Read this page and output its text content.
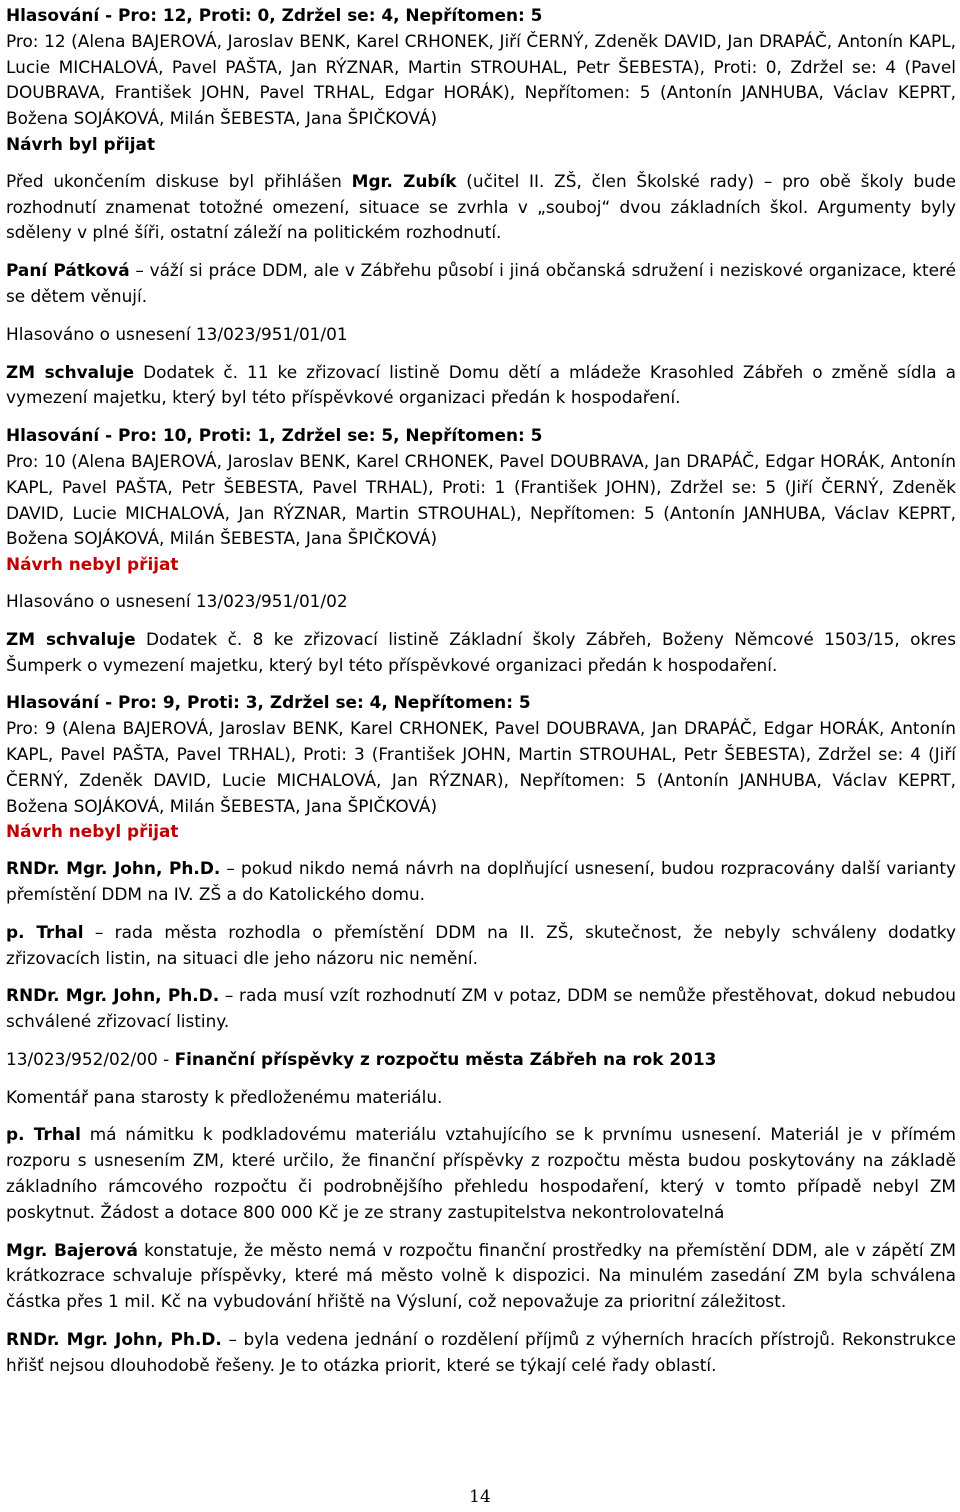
Hlasování - Pro: 12, Proti: 0, Zdržel se: 4, Nepřítomen: 5
Pro: 12 (Alena BAJEROVÁ, Jaroslav BENK, Karel CRHONEK, Jiří ČERNÝ, Zdeněk DAVID, Jan DRAPÁČ, Antonín KAPL, Lucie MICHALOVÁ, Pavel PAŠTA, Jan RÝZNAR, Martin STROUHAL, Petr ŠEBESTA), Proti: 0, Zdržel se: 4 (Pavel DOUBRAVA, František JOHN, Pavel TRHAL, Edgar HORÁK), Nepřítomen: 5 (Antonín JANHUBA, Václav KEPRT, Božena SOJÁKOVÁ, Milán ŠEBESTA, Jana ŠPIČKOVÁ)
Návrh byl přijat

Před ukončením diskuse byl přihlášen Mgr. Zubík (učitel II. ZŠ, člen Školské rady) – pro obě školy bude rozhodnutí znamenat totožné omezení, situace se zvrhla v „souboj“ dvou základních škol. Argumenty byly sděleny v plné šíři, ostatní záleží na politickém rozhodnutí.

Paní Pátková – váží si práce DDM, ale v Zábřehu působí i jiná občanská sdružení i neziskové organizace, které se dětem věnují.

Hlasováno o usnesení 13/023/951/01/01

ZM schvaluje Dodatek č. 11 ke zřizovací listině Domu dětí a mládeže Krasohled Zábřeh o změně sídla a vymezení majetku, který byl této příspěvkové organizaci předán k hospodaření.

Hlasování - Pro: 10, Proti: 1, Zdržel se: 5, Nepřítomen: 5
Pro: 10 (Alena BAJEROVÁ, Jaroslav BENK, Karel CRHONEK, Pavel DOUBRAVA, Jan DRAPÁČ, Edgar HORÁK, Antonín KAPL, Pavel PAŠTA, Petr ŠEBESTA, Pavel TRHAL), Proti: 1 (František JOHN), Zdržel se: 5 (Jiří ČERNÝ, Zdeněk DAVID, Lucie MICHALOVÁ, Jan RÝZNAR, Martin STROUHAL), Nepřítomen: 5 (Antonín JANHUBA, Václav KEPRT, Božena SOJÁKOVÁ, Milán ŠEBESTA, Jana ŠPIČKOVÁ)
Návrh nebyl přijat

Hlasováno o usnesení 13/023/951/01/02

ZM schvaluje Dodatek č. 8 ke zřizovací listině Základní školy Zábřeh, Boženy Němcové 1503/15, okres Šumperk o vymezení majetku, který byl této příspěvkové organizaci předán k hospodaření.

Hlasování - Pro: 9, Proti: 3, Zdržel se: 4, Nepřítomen: 5
Pro: 9 (Alena BAJEROVÁ, Jaroslav BENK, Karel CRHONEK, Pavel DOUBRAVA, Jan DRAPÁČ, Edgar HORÁK, Antonín KAPL, Pavel PAŠTA, Pavel TRHAL), Proti: 3 (František JOHN, Martin STROUHAL, Petr ŠEBESTA), Zdržel se: 4 (Jiří ČERNÝ, Zdeněk DAVID, Lucie MICHALOVÁ, Jan RÝZNAR), Nepřítomen: 5 (Antonín JANHUBA, Václav KEPRT, Božena SOJÁKOVÁ, Milán ŠEBESTA, Jana ŠPIČKOVÁ)
Návrh nebyl přijat

RNDr. Mgr. John, Ph.D. – pokud nikdo nemá návrh na doplňující usnesení, budou rozpracovány další varianty přemístění DDM na IV. ZŠ a do Katolického domu.

p. Trhal – rada města rozhodla o přemístění DDM na II. ZŠ, skutečnost, že nebyly schváleny dodatky zřizovacích listin, na situaci dle jeho názoru nic nemění.

RNDr. Mgr. John, Ph.D. – rada musí vzít rozhodnutí ZM v potaz, DDM se nemůže přestěhovat, dokud nebudou schválené zřizovací listiny.

13/023/952/02/00 - Finanční příspěvky z rozpočtu města Zábřeh na rok 2013

Komentář pana starosty k předloženému materiálu.

p. Trhal má námitku k podkladovému materiálu vztahujícího se k prvnímu usnesení. Materiál je v přímém rozporu s usnesením ZM, které určilo, že finanční příspěvky z rozpočtu města budou poskytovány na základě základního rámcového rozpočtu či podrobnějšího přehledu hospodaření, který v tomto případě nebyl ZM poskytnut. Žádost a dotace 800 000 Kč je ze strany zastupitelstva nekontrolovatelná

Mgr. Bajerová konstatuje, že město nemá v rozpočtu finanční prostředky na přemístění DDM, ale v zápětí ZM krátkozrace schvaluje příspěvky, které má město volně k dispozici. Na minulém zasedání ZM byla schválena částka přes 1 mil. Kč na vybudování hřiště na Výsluní, což nepovažuje za prioritní záležitost.

RNDr. Mgr. John, Ph.D. – byla vedena jednání o rozdělení příjmů z výherních hracích přístrojů. Rekonstrukce hřišť nejsou dlouhodobě řešeny. Je to otázka priorit, které se týkají celé řady oblastí.

14
